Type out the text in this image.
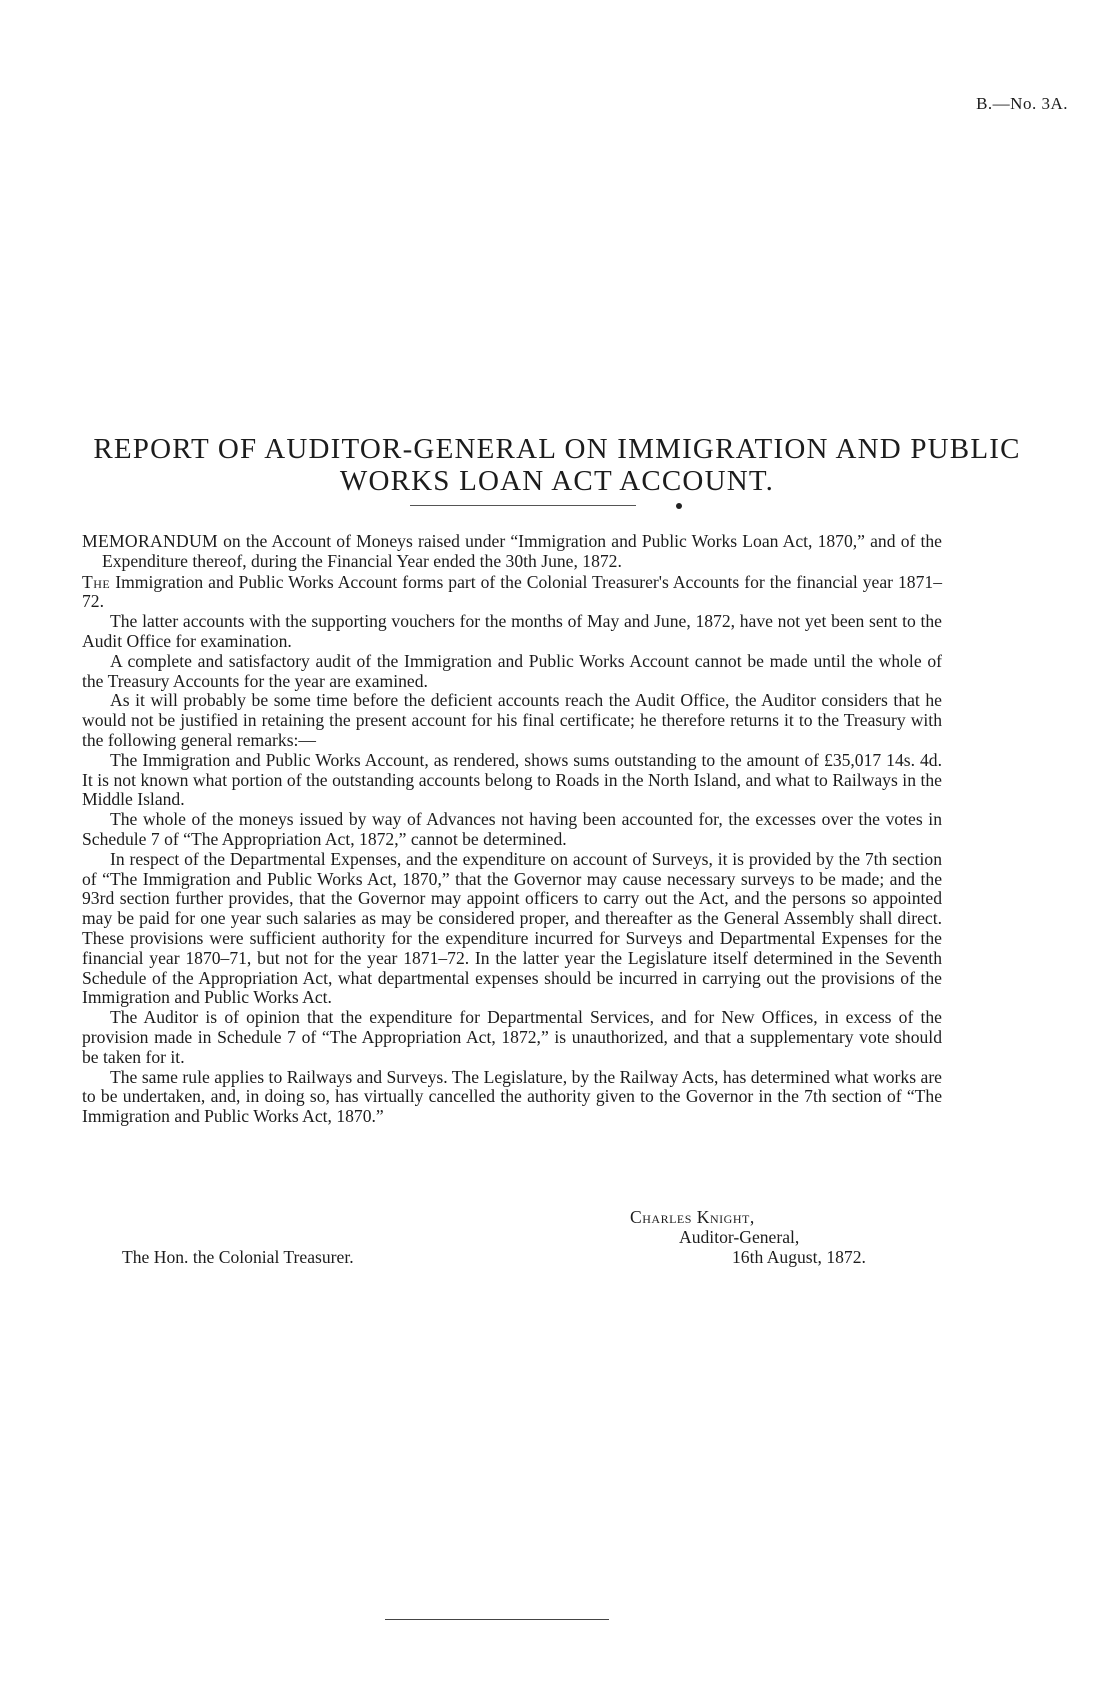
B.—No. 3A.
REPORT OF AUDITOR-GENERAL ON IMMIGRATION AND PUBLIC
WORKS LOAN ACT ACCOUNT.

MEMORANDUM on the Account of Moneys raised under “Immigration and Public Works Loan Act, 1870,” and of the Expenditure thereof, during the Financial Year ended the 30th June, 1872.

The Immigration and Public Works Account forms part of the Colonial Treasurer's Accounts for the financial year 1871–72.

The latter accounts with the supporting vouchers for the months of May and June, 1872, have not yet been sent to the Audit Office for examination.

A complete and satisfactory audit of the Immigration and Public Works Account cannot be made until the whole of the Treasury Accounts for the year are examined.

As it will probably be some time before the deficient accounts reach the Audit Office, the Auditor considers that he would not be justified in retaining the present account for his final certificate; he therefore returns it to the Treasury with the following general remarks:—

The Immigration and Public Works Account, as rendered, shows sums outstanding to the amount of £35,017 14s. 4d. It is not known what portion of the outstanding accounts belong to Roads in the North Island, and what to Railways in the Middle Island.

The whole of the moneys issued by way of Advances not having been accounted for, the excesses over the votes in Schedule 7 of “The Appropriation Act, 1872,” cannot be determined.

In respect of the Departmental Expenses, and the expenditure on account of Surveys, it is provided by the 7th section of “The Immigration and Public Works Act, 1870,” that the Governor may cause necessary surveys to be made; and the 93rd section further provides, that the Governor may appoint officers to carry out the Act, and the persons so appointed may be paid for one year such salaries as may be considered proper, and thereafter as the General Assembly shall direct. These provisions were sufficient authority for the expenditure incurred for Surveys and Departmental Expenses for the financial year 1870–71, but not for the year 1871–72. In the latter year the Legislature itself determined in the Seventh Schedule of the Appropriation Act, what departmental expenses should be incurred in carrying out the provisions of the Immigration and Public Works Act.

The Auditor is of opinion that the expenditure for Departmental Services, and for New Offices, in excess of the provision made in Schedule 7 of “The Appropriation Act, 1872,” is unauthorized, and that a supplementary vote should be taken for it.

The same rule applies to Railways and Surveys. The Legislature, by the Railway Acts, has determined what works are to be undertaken, and, in doing so, has virtually cancelled the authority given to the Governor in the 7th section of “The Immigration and Public Works Act, 1870.”

Charles Knight,
Auditor-General,
The Hon. the Colonial Treasurer.	16th August, 1872.
